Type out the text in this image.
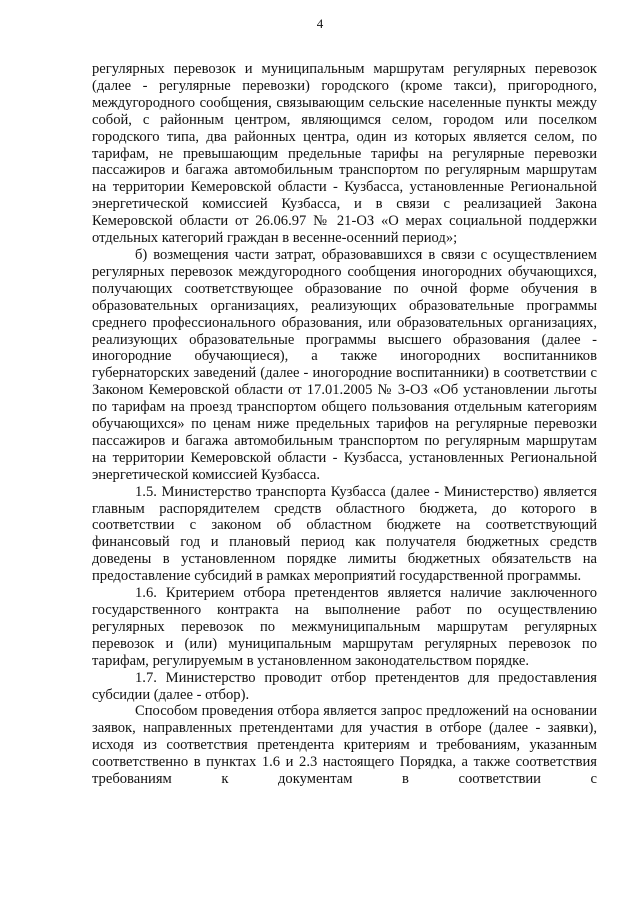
4

регулярных перевозок и муниципальным маршрутам регулярных перевозок (далее - регулярные перевозки) городского (кроме такси), пригородного, междугородного сообщения, связывающим сельские населенные пункты между собой, с районным центром, являющимся селом, городом или поселком городского типа, два районных центра, один из которых является селом, по тарифам, не превышающим предельные тарифы на регулярные перевозки пассажиров и багажа автомобильным транспортом по регулярным маршрутам на территории Кемеровской области - Кузбасса, установленные Региональной энергетической комиссией Кузбасса, и в связи с реализацией Закона Кемеровской области от 26.06.97 № 21-ОЗ «О мерах социальной поддержки отдельных категорий граждан в весенне-осенний период»;

б) возмещения части затрат, образовавшихся в связи с осуществлением регулярных перевозок междугородного сообщения иногородних обучающихся, получающих соответствующее образование по очной форме обучения в образовательных организациях, реализующих образовательные программы среднего профессионального образования, или образовательных организациях, реализующих образовательные программы высшего образования (далее - иногородние обучающиеся), а также иногородних воспитанников губернаторских заведений (далее - иногородние воспитанники) в соответствии с Законом Кемеровской области от 17.01.2005 № 3-ОЗ «Об установлении льготы по тарифам на проезд транспортом общего пользования отдельным категориям обучающихся» по ценам ниже предельных тарифов на регулярные перевозки пассажиров и багажа автомобильным транспортом по регулярным маршрутам на территории Кемеровской области - Кузбасса, установленных Региональной энергетической комиссией Кузбасса.

1.5. Министерство транспорта Кузбасса (далее - Министерство) является главным распорядителем средств областного бюджета, до которого в соответствии с законом об областном бюджете на соответствующий финансовый год и плановый период как получателя бюджетных средств доведены в установленном порядке лимиты бюджетных обязательств на предоставление субсидий в рамках мероприятий государственной программы.

1.6. Критерием отбора претендентов является наличие заключенного государственного контракта на выполнение работ по осуществлению регулярных перевозок по межмуниципальным маршрутам регулярных перевозок и (или) муниципальным маршрутам регулярных перевозок по тарифам, регулируемым в установленном законодательством порядке.

1.7. Министерство проводит отбор претендентов для предоставления субсидии (далее - отбор).

Способом проведения отбора является запрос предложений на основании заявок, направленных претендентами для участия в отборе (далее - заявки), исходя из соответствия претендента критериям и требованиям, указанным соответственно в пунктах 1.6 и 2.3 настоящего Порядка, а также соответствия требованиям к документам в соответствии с
